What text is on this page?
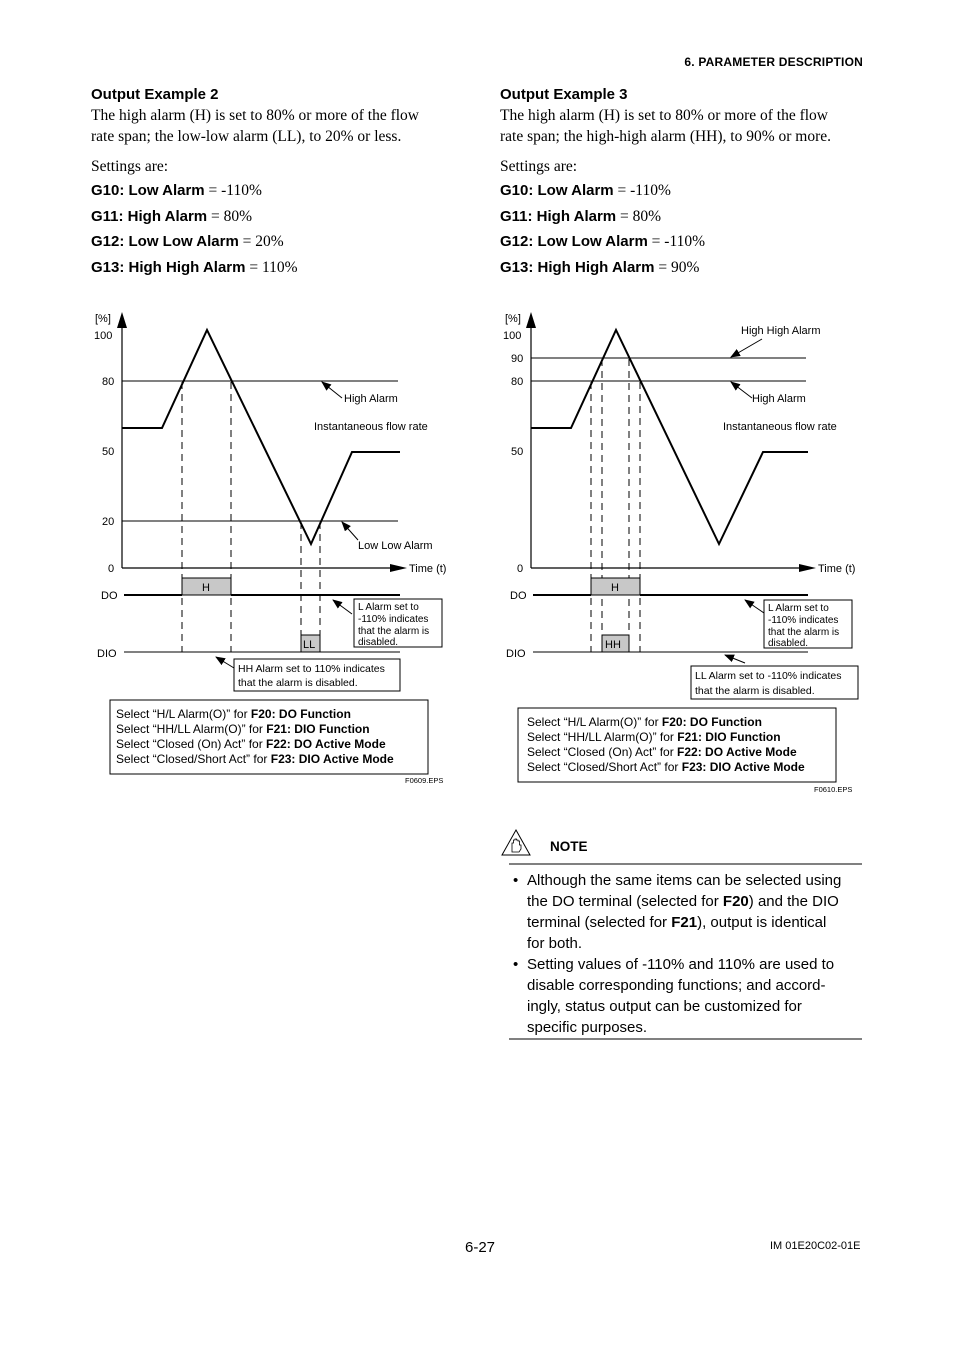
6. PARAMETER DESCRIPTION
Output Example 2
The high alarm (H) is set to 80% or more of the flow
rate span; the low-low alarm (LL), to 20% or less.
Settings are:
G10: Low Alarm = -110%
G11: High Alarm = 80%
G12: Low Low Alarm = 20%
G13: High High Alarm = 110%
Output Example 3
The high alarm (H) is set to 80% or more of the flow
rate span; the high-high alarm (HH), to 90% or more.
Settings are:
G10: Low Alarm = -110%
G11: High Alarm = 80%
G12: Low Low Alarm = -110%
G13: High High Alarm = 90%
[%]
100
80
50
20
0	Time (t)
High Alarm
Instantaneous flow rate
Low Low Alarm
DO
H
DIO
LL
L Alarm set to
-110% indicates
that the alarm is
disabled.
HH Alarm set to 110% indicates
that the alarm is disabled.
Select “H/L Alarm(O)” for F20: DO Function
Select “HH/LL Alarm(O)” for F21: DIO Function
Select “Closed (On) Act” for F22: DO Active Mode
Select “Closed/Short Act” for F23: DIO Active Mode
F0609.EPS
[%]
100
90
80
50
0	Time (t)
High High Alarm
High Alarm
Instantaneous flow rate
DO
H
DIO
HH
L Alarm set to
-110% indicates
that the alarm is
disabled.
LL Alarm set to -110% indicates
that the alarm is disabled.
Select “H/L Alarm(O)” for F20: DO Function
Select “HH/LL Alarm(O)” for F21: DIO Function
Select “Closed (On) Act” for F22: DO Active Mode
Select “Closed/Short Act” for F23: DIO Active Mode
F0610.EPS
NOTE
• Although the same items can be selected using
the DO terminal (selected for F20) and the DIO
terminal (selected for F21), output is identical
for both.
• Setting values of -110% and 110% are used to
disable corresponding functions; and accord-
ingly, status output can be customized for
specific purposes.
6-27	IM 01E20C02-01E
